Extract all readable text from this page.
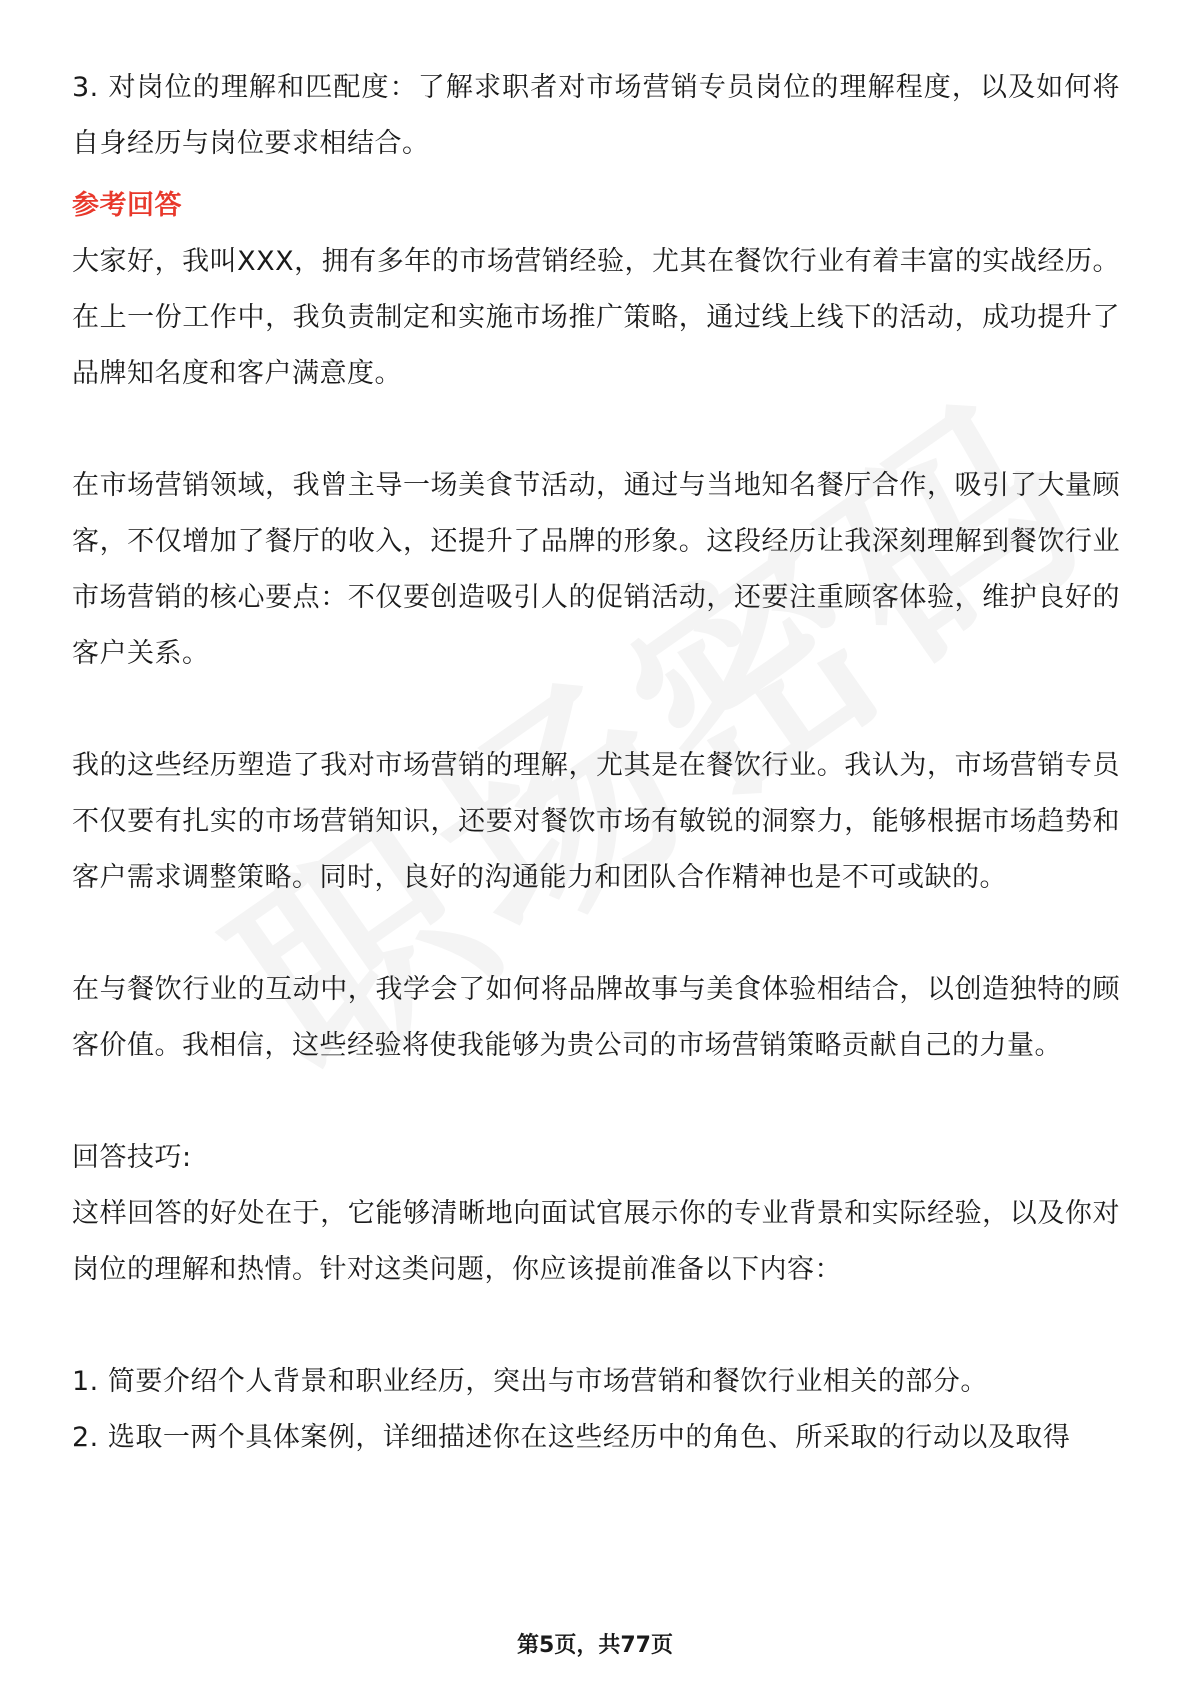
3. 对岗位的理解和匹配度：了解求职者对市场营销专员岗位的理解程度，以及如何将自身经历与岗位要求相结合。

参考回答

大家好，我叫XXX，拥有多年的市场营销经验，尤其在餐饮行业有着丰富的实战经历。在上一份工作中，我负责制定和实施市场推广策略，通过线上线下的活动，成功提升了品牌知名度和客户满意度。

在市场营销领域，我曾主导一场美食节活动，通过与当地知名餐厅合作，吸引了大量顾客，不仅增加了餐厅的收入，还提升了品牌的形象。这段经历让我深刻理解到餐饮行业市场营销的核心要点：不仅要创造吸引人的促销活动，还要注重顾客体验，维护良好的客户关系。

我的这些经历塑造了我对市场营销的理解，尤其是在餐饮行业。我认为，市场营销专员不仅要有扎实的市场营销知识，还要对餐饮市场有敏锐的洞察力，能够根据市场趋势和客户需求调整策略。同时，良好的沟通能力和团队合作精神也是不可或缺的。

在与餐饮行业的互动中，我学会了如何将品牌故事与美食体验相结合，以创造独特的顾客价值。我相信，这些经验将使我能够为贵公司的市场营销策略贡献自己的力量。

回答技巧:

这样回答的好处在于，它能够清晰地向面试官展示你的专业背景和实际经验，以及你对岗位的理解和热情。针对这类问题，你应该提前准备以下内容：

1. 简要介绍个人背景和职业经历，突出与市场营销和餐饮行业相关的部分。

2. 选取一两个具体案例，详细描述你在这些经历中的角色、所采取的行动以及取得

第5页，共77页
